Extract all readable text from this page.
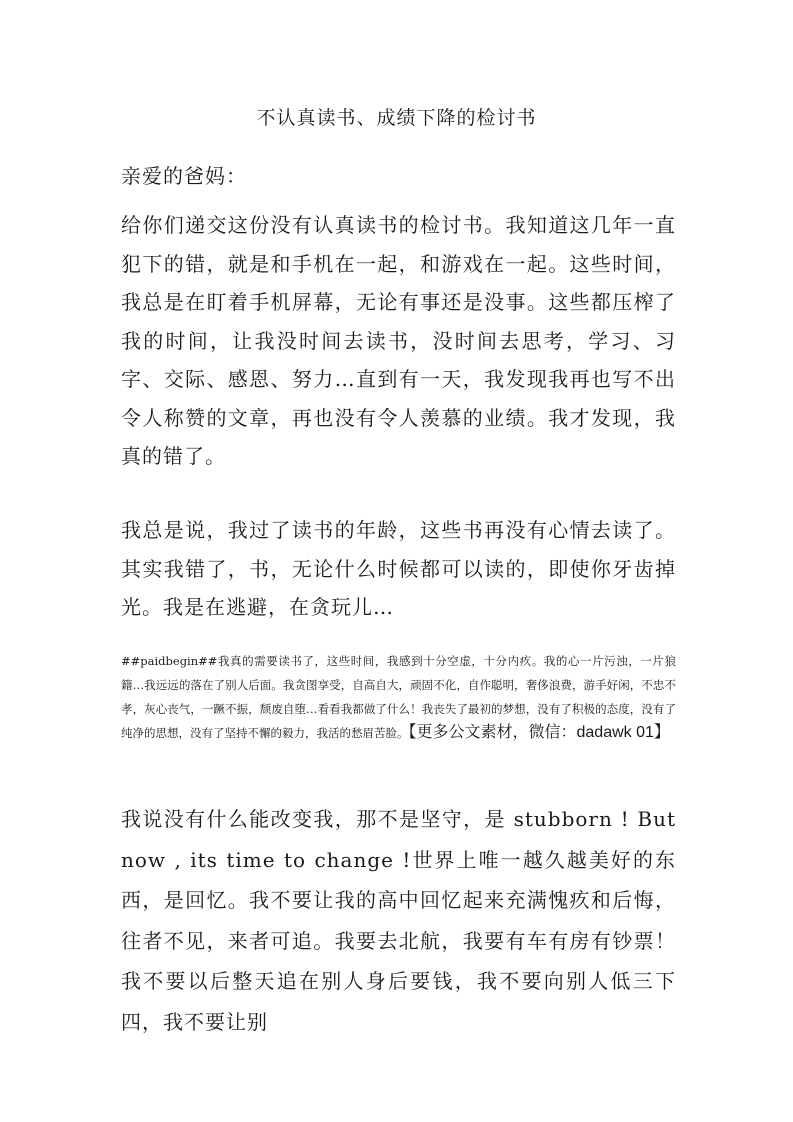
不认真读书、成绩下降的检讨书
亲爱的爸妈：

给你们递交这份没有认真读书的检讨书。我知道这几年一直犯下的错，就是和手机在一起，和游戏在一起。这些时间，我总是在盯着手机屏幕，无论有事还是没事。这些都压榨了我的时间，让我没时间去读书，没时间去思考，学习、习字、交际、感恩、努力…直到有一天，我发现我再也写不出令人称赞的文章，再也没有令人羡慕的业绩。我才发现，我真的错了。

我总是说，我过了读书的年龄，这些书再没有心情去读了。其实我错了，书，无论什么时候都可以读的，即使你牙齿掉光。我是在逃避，在贪玩儿…

##paidbegin##我真的需要读书了，这些时间，我感到十分空虚，十分内疚。我的心一片污浊，一片狼籍…我远远的落在了别人后面。我贪图享受，自高自大，顽固不化，自作聪明，奢侈浪费，游手好闲，不忠不孝，灰心丧气，一蹶不振，颓废自堕…看看我都做了什么！我丧失了最初的梦想，没有了积极的态度，没有了纯净的思想，没有了坚持不懈的毅力，我活的愁眉苦脸。【更多公文素材，微信：dadawk 01】

我说没有什么能改变我，那不是坚守，是 stubborn ! But now , its time to change !世界上唯一越久越美好的东西，是回忆。我不要让我的高中回忆起来充满愧疚和后悔，往者不见，来者可追。我要去北航，我要有车有房有钞票！我不要以后整天追在别人身后要钱，我不要向别人低三下四，我不要让别
